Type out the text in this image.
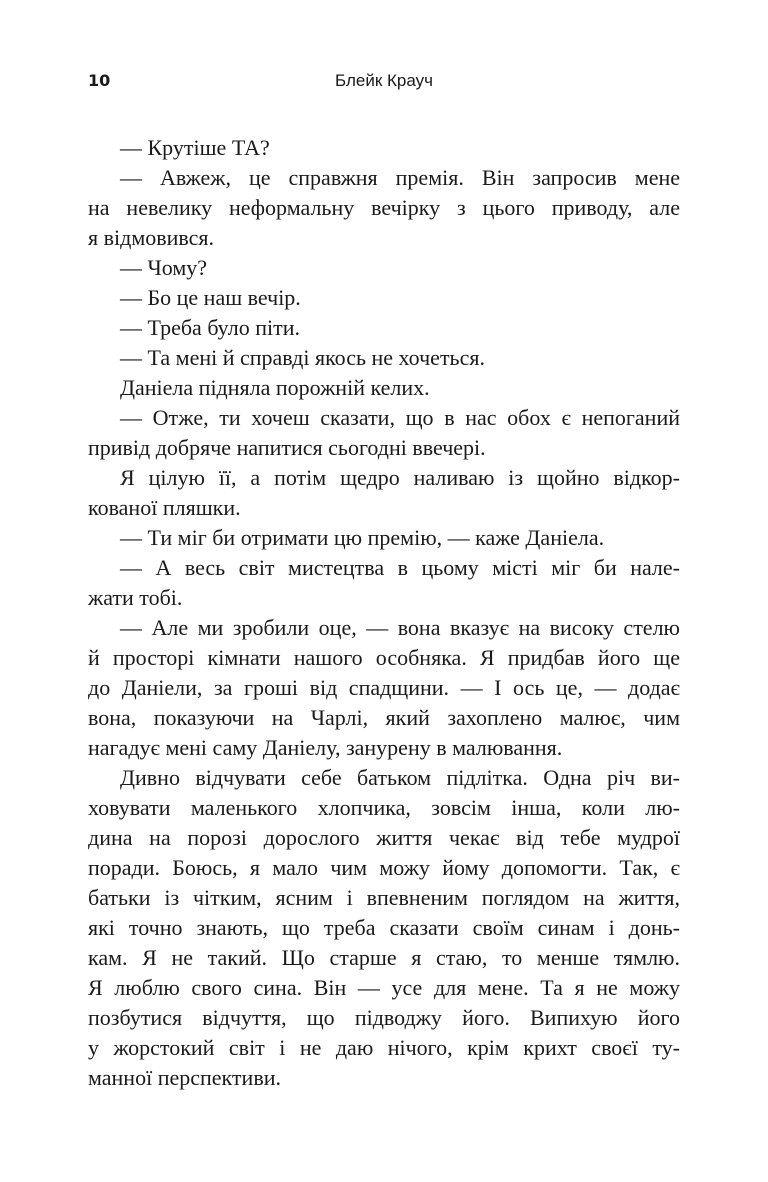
10	Блейк Крауч
— Крутіше ТА?
— Авжеж, це справжня премія. Він запросив мене
на невелику неформальну вечірку з цього приводу, але
я відмовився.
— Чому?
— Бо це наш вечір.
— Треба було піти.
— Та мені й справді якось не хочеться.
Даніела підняла порожній келих.
— Отже, ти хочеш сказати, що в нас обох є непоганий
привід добряче напитися сьогодні ввечері.
Я цілую її, а потім щедро наливаю із щойно відкор-
кованої пляшки.
— Ти міг би отримати цю премію, — каже Даніела.
— А весь світ мистецтва в цьому місті міг би нале-
жати тобі.
— Але ми зробили оце, — вона вказує на високу стелю
й просторі кімнати нашого особняка. Я придбав його ще
до Даніели, за гроші від спадщини. — І ось це, — додає
вона, показуючи на Чарлі, який захоплено малює, чим
нагадує мені саму Даніелу, занурену в малювання.
Дивно відчувати себе батьком підлітка. Одна річ ви-
ховувати маленького хлопчика, зовсім інша, коли лю-
дина на порозі дорослого життя чекає від тебе мудрої
поради. Боюсь, я мало чим можу йому допомогти. Так, є
батьки із чітким, ясним і впевненим поглядом на життя,
які точно знають, що треба сказати своїм синам і донь-
кам. Я не такий. Що старше я стаю, то менше тямлю.
Я люблю свого сина. Він — усе для мене. Та я не можу
позбутися відчуття, що підводжу його. Випихую його
у жорстокий світ і не даю нічого, крім крихт своєї ту-
манної перспективи.
